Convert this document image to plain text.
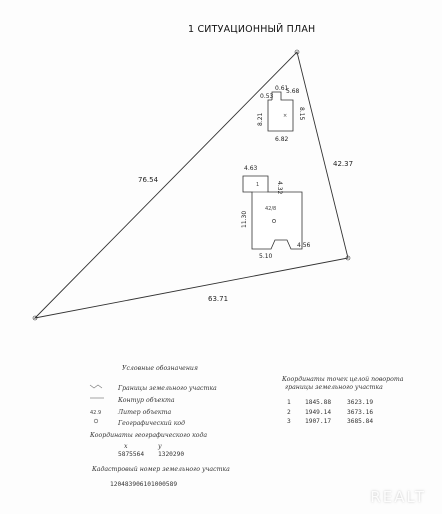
1 СИТУАЦИОННЫЙ ПЛАН
76.54
42.37
63.71
0.53
0.61
5.68
8.21	8.15
6.82
×
4.63
4.32
11.30
5.10
4.56
42/8
1
42.9
Условные обозначения
Границы земельного участка
Контур объекта
Литер объекта
Географический код
Координаты географического кода
x	y
5875564 1320290
Кадастровый номер земельного участка
120483906101000589
Координаты точек целой поворота
границы земельного участка
1 1845.88	3623.19
2 1949.14	3673.16
3 1907.17	3685.84
REALT
